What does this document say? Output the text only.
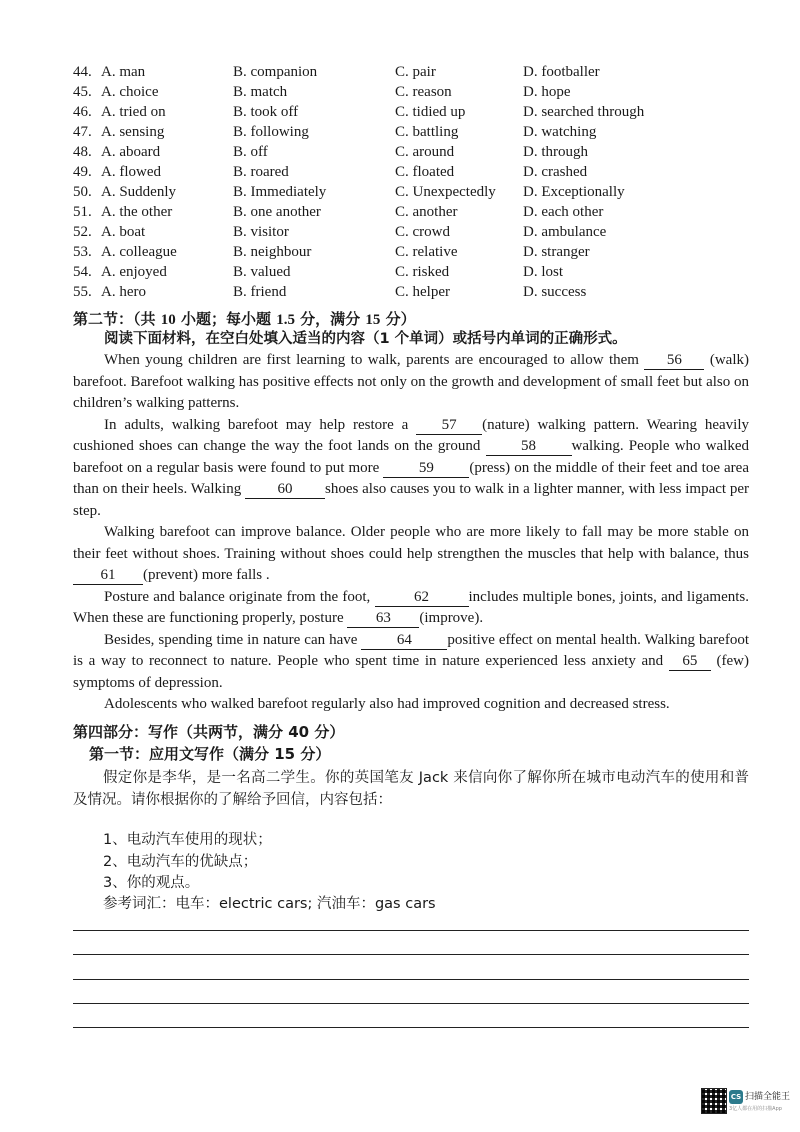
44. A. man	B. companion	C. pair	D. footballer
45. A. choice	B. match	C. reason	D. hope
46. A. tried on	B. took off	C. tidied up	D. searched through
47. A. sensing	B. following	C. battling	D. watching
48. A. aboard	B. off	C. around	D. through
49. A. flowed	B. roared	C. floated	D. crashed
50. A. Suddenly	B. Immediately	C. Unexpectedly D. Exceptionally
51. A. the other	B. one another	C. another	D. each other
52. A. boat	B. visitor	C. crowd	D. ambulance
53. A. colleague	B. neighbour	C. relative	D. stranger
54. A. enjoyed	B. valued	C. risked	D. lost
55. A. hero	B. friend	C. helper	D. success
第二节：（共 10 小题；每小题 1.5 分，满分 15 分）
阅读下面材料，在空白处填入适当的内容（1 个单词）或括号内单词的正确形式。

When young children are first learning to walk, parents are encouraged to allow them 56 (walk) barefoot. Barefoot walking has positive effects not only on the growth and development of small feet but also on children’s walking patterns.

In adults, walking barefoot may help restore a 57 (nature) walking pattern. Wearing heavily cushioned shoes can change the way the foot lands on the ground 58 walking. People who walked barefoot on a regular basis were found to put more 59 (press) on the middle of their feet and toe area than on their heels. Walking 60 shoes also causes you to walk in a lighter manner, with less impact per step.

Walking barefoot can improve balance. Older people who are more likely to fall may be more stable on their feet without shoes. Training without shoes could help strengthen the muscles that help with balance, thus 61 (prevent) more falls .

Posture and balance originate from the foot,	62	includes multiple bones, joints, and ligaments. When these are functioning properly, posture 63 (improve).

Besides, spending time in nature can have 64 positive effect on mental health. Walking barefoot is a way to reconnect to nature. People who spent time in nature experienced less anxiety and 65 (few) symptoms of depression.

Adolescents who walked barefoot regularly also had improved cognition and decreased stress.

第四部分：写作（共两节，满分 40 分）
第一节：应用文写作（满分 15 分）
假定你是李华，是一名高二学生。你的英国笔友 Jack 来信向你了解你所在城市电动汽车的使用和普及情况。请你根据你的了解给予回信，内容包括：
1、电动汽车使用的现状；
2、电动汽车的优缺点；
3、你的观点。
参考词汇：电车：electric cars; 汽油车：gas cars
CS 扫描全能王
3亿人都在用的扫描App
